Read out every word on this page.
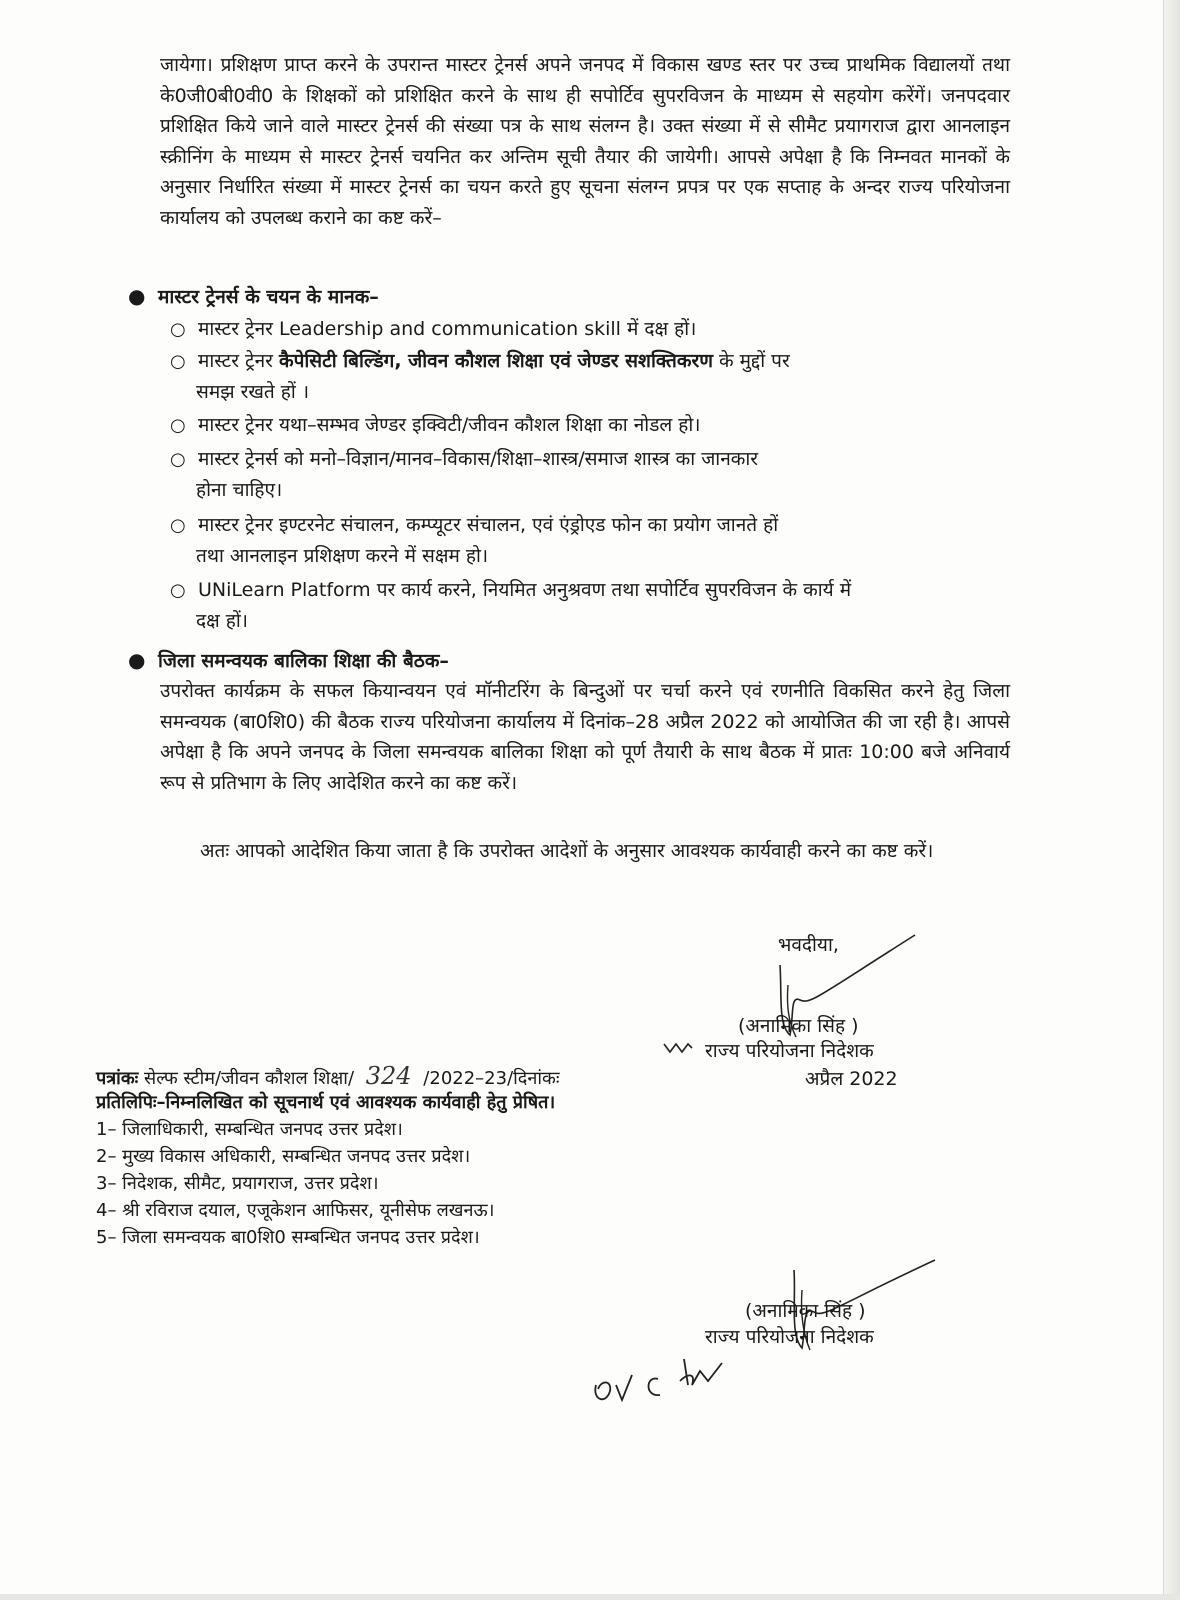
जायेगा। प्रशिक्षण प्राप्त करने के उपरान्त मास्टर ट्रेनर्स अपने जनपद में विकास खण्ड स्तर पर उच्च प्राथमिक विद्यालयों तथा के0जी0बी0वी0 के शिक्षकों को प्रशिक्षित करने के साथ ही सपोर्टिव सुपरविजन के माध्यम से सहयोग करेंगें। जनपदवार प्रशिक्षित किये जाने वाले मास्टर ट्रेनर्स की संख्या पत्र के साथ संलग्न है। उक्त संख्या में से सीमैट प्रयागराज द्वारा आनलाइन स्क्रीनिंग के माध्यम से मास्टर ट्रेनर्स चयनित कर अन्तिम सूची तैयार की जायेगी। आपसे अपेक्षा है कि निम्नवत मानकों के अनुसार निर्धारित संख्या में मास्टर ट्रेनर्स का चयन करते हुए सूचना संलग्न प्रपत्र पर एक सप्ताह के अन्दर राज्य परियोजना कार्यालय को उपलब्ध कराने का कष्ट करें–
● मास्टर ट्रेनर्स के चयन के मानक–
○ मास्टर ट्रेनर Leadership and communication skill में दक्ष हों।
○ मास्टर ट्रेनर कैपेसिटी बिल्डिंग, जीवन कौशल शिक्षा एवं जेण्डर सशक्तिकरण के मुद्दों पर
समझ रखते हों ।
○ मास्टर ट्रेनर यथा–सम्भव जेण्डर इक्विटी/जीवन कौशल शिक्षा का नोडल हो।
○ मास्टर ट्रेनर्स को मनो–विज्ञान/मानव–विकास/शिक्षा–शास्त्र/समाज शास्त्र का जानकार
होना चाहिए।
○ मास्टर ट्रेनर इण्टरनेट संचालन, कम्प्यूटर संचालन, एवं एंड्रोएड फोन का प्रयोग जानते हों
तथा आनलाइन प्रशिक्षण करने में सक्षम हो।
○ UNiLearn Platform पर कार्य करने, नियमित अनुश्रवण तथा सपोर्टिव सुपरविजन के कार्य में
दक्ष हों।
● जिला समन्वयक बालिका शिक्षा की बैठक–
उपरोक्त कार्यक्रम के सफल कियान्वयन एवं मॉनीटरिंग के बिन्दुओं पर चर्चा करने एवं रणनीति विकसित करने हेतु जिला समन्वयक (बा0शि0) की बैठक राज्य परियोजना कार्यालय में दिनांक–28 अप्रैल 2022 को आयोजित की जा रही है। आपसे अपेक्षा है कि अपने जनपद के जिला समन्वयक बालिका शिक्षा को पूर्ण तैयारी के साथ बैठक में प्रातः 10:00 बजे अनिवार्य रूप से प्रतिभाग के लिए आदेशित करने का कष्ट करें।
अतः आपको आदेशित किया जाता है कि उपरोक्त आदेशों के अनुसार आवश्यक कार्यवाही करने का कष्ट करें।
भवदीया,
(अनामिका सिंह )
राज्य परियोजना निदेशक
अप्रैल 2022
पत्रांकः सेल्फ स्टीम/जीवन कौशल शिक्षा/ 324 /2022–23/दिनांकः
प्रतिलिपिः–निम्नलिखित को सूचनार्थ एवं आवश्यक कार्यवाही हेतु प्रेषित।
1– जिलाधिकारी, सम्बन्धित जनपद उत्तर प्रदेश।
2– मुख्य विकास अधिकारी, सम्बन्धित जनपद उत्तर प्रदेश।
3– निदेशक, सीमैट, प्रयागराज, उत्तर प्रदेश।
4– श्री रविराज दयाल, एजूकेशन आफिसर, यूनीसेफ लखनऊ।
5– जिला समन्वयक बा0शि0 सम्बन्धित जनपद उत्तर प्रदेश।
(अनामिका सिंह )
राज्य परियोजना निदेशक
